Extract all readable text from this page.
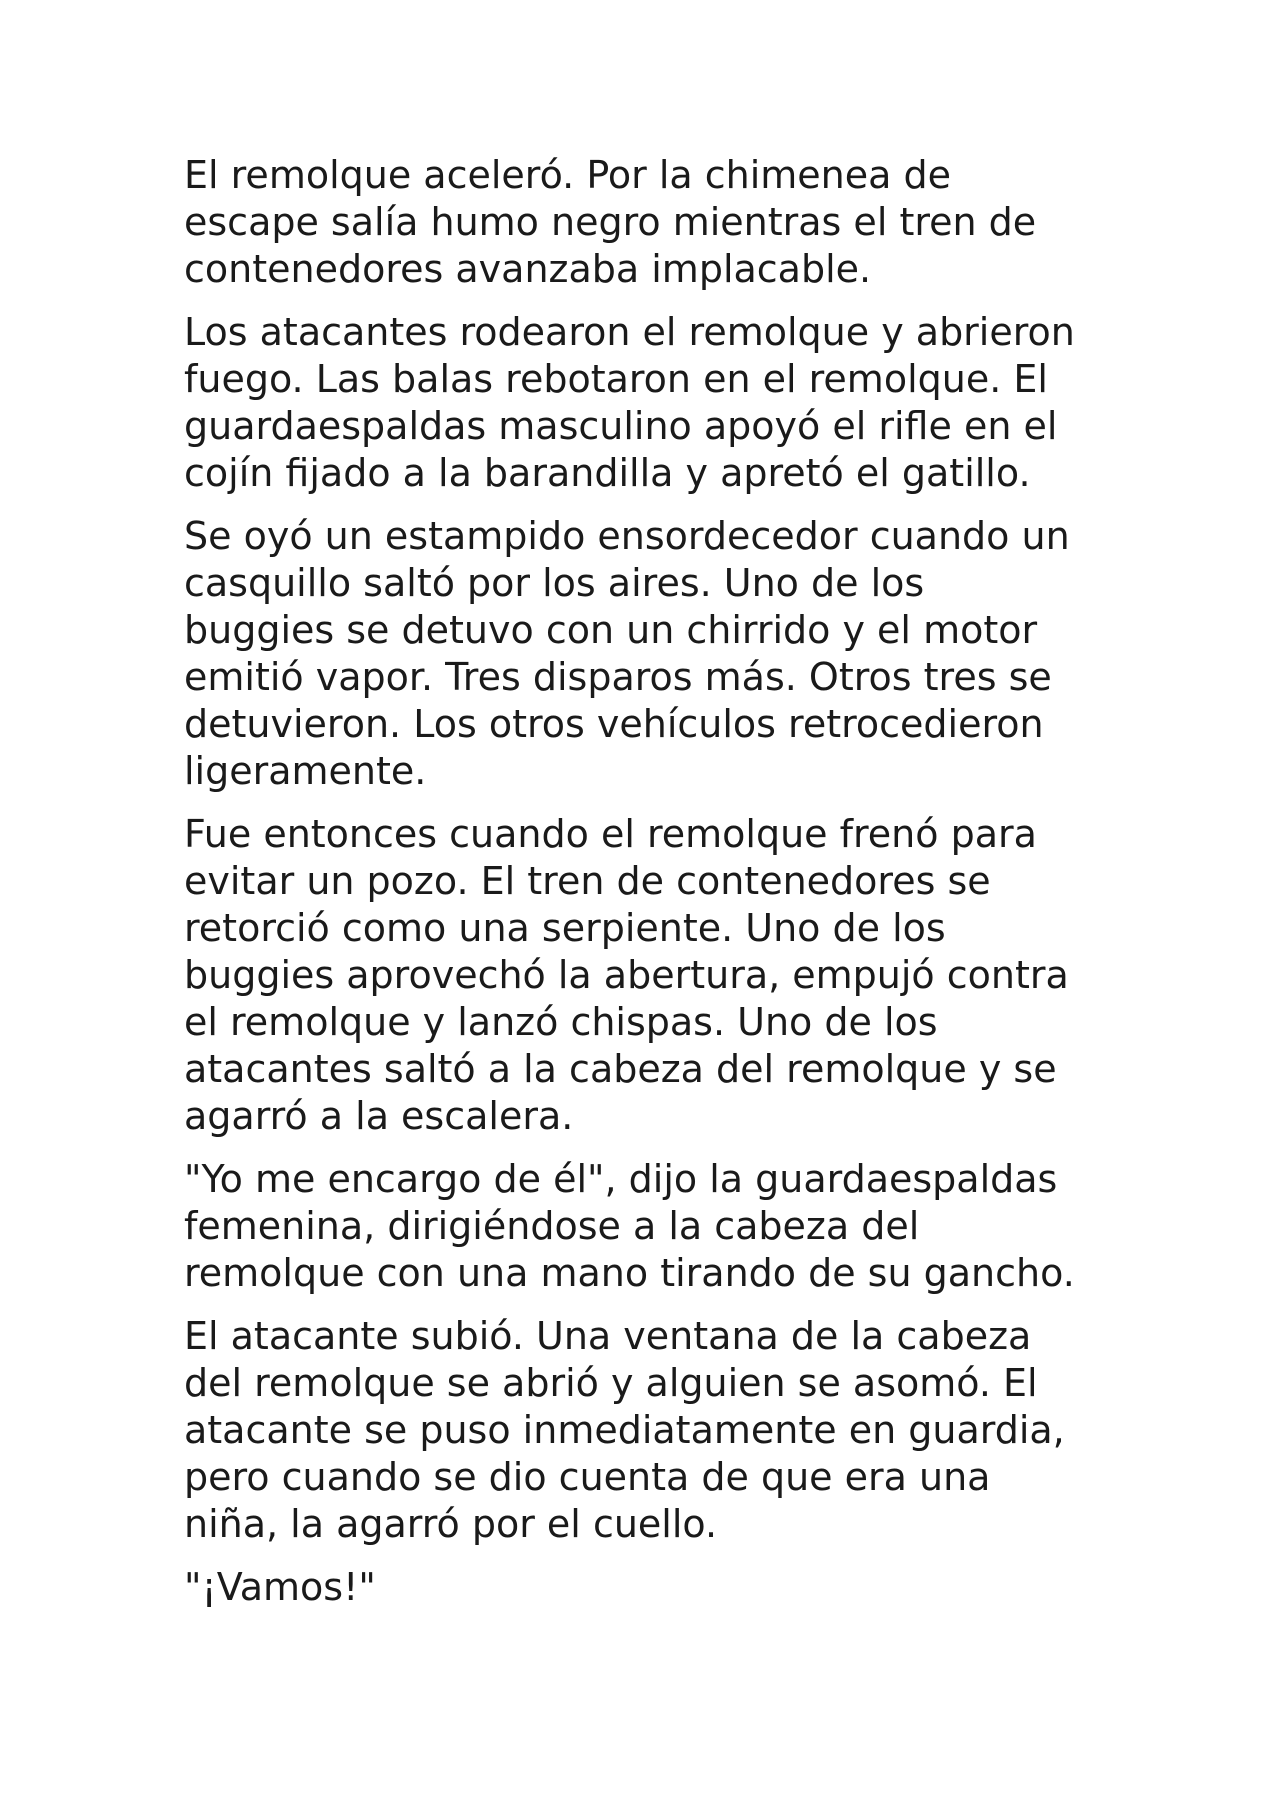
El remolque aceleró. Por la chimenea de
escape salía humo negro mientras el tren de
contenedores avanzaba implacable.

Los atacantes rodearon el remolque y abrieron
fuego. Las balas rebotaron en el remolque. El
guardaespaldas masculino apoyó el rifle en el
cojín fijado a la barandilla y apretó el gatillo.

Se oyó un estampido ensordecedor cuando un
casquillo saltó por los aires. Uno de los
buggies se detuvo con un chirrido y el motor
emitió vapor. Tres disparos más. Otros tres se
detuvieron. Los otros vehículos retrocedieron
ligeramente.

Fue entonces cuando el remolque frenó para
evitar un pozo. El tren de contenedores se
retorció como una serpiente. Uno de los
buggies aprovechó la abertura, empujó contra
el remolque y lanzó chispas. Uno de los
atacantes saltó a la cabeza del remolque y se
agarró a la escalera.

"Yo me encargo de él", dijo la guardaespaldas
femenina, dirigiéndose a la cabeza del
remolque con una mano tirando de su gancho.

El atacante subió. Una ventana de la cabeza
del remolque se abrió y alguien se asomó. El
atacante se puso inmediatamente en guardia,
pero cuando se dio cuenta de que era una
niña, la agarró por el cuello.

"¡Vamos!"
